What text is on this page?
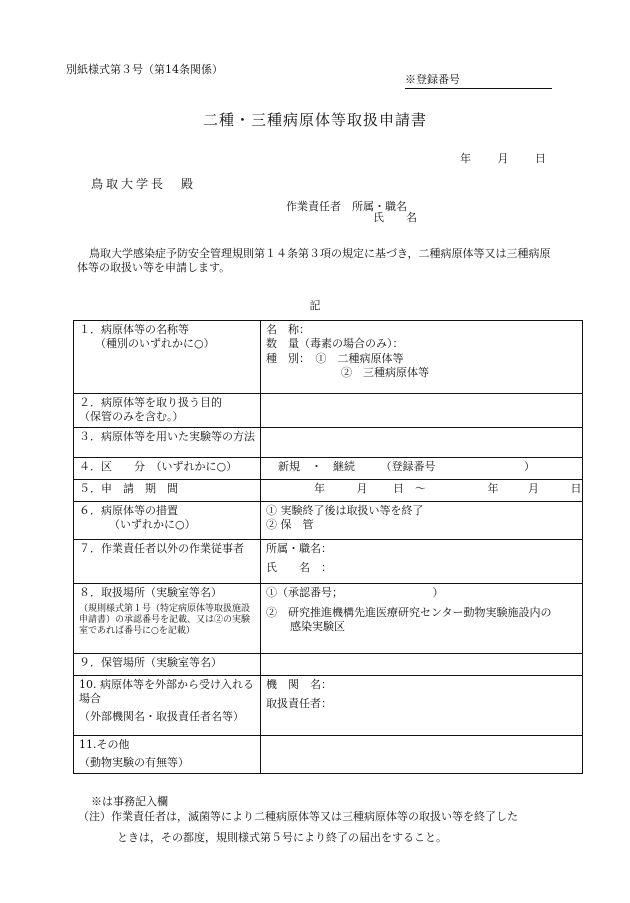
別紙様式第３号（第14条関係）
※登録番号
二種・三種病原体等取扱申請書
年 月 日
鳥取大学長　殿
作業責任者　所属・職名
氏　　名
鳥取大学感染症予防安全管理規則第１４条第３項の規定に基づき，二種病原体等又は三種病原体等の取扱い等を申請します。
記
１．病原体等の名称等

（種別のいずれかに○）	名　称：
数　量（毒素の場合のみ）：
種　別：　①　二種病原体等
②　三種病原体等
２．病原体等を取り扱う目的
（保管のみを含む。）	
３．病原体等を用いた実験等の方法	
４．区　　分　（いずれかに○）	新規　・　継続 （登録番号 ）
５．申　請　期　間	年 月 日　～ 年 月 日
６．病原体等の措置
（いずれかに○）	① 実験終了後は取扱い等を終了
② 保　管
７．作業責任者以外の作業従事者	所属・職名：

氏　　名　：

８．取扱場所（実験室等名）
（規則様式第１号（特定病原体等取扱施設申請書）の承認番号を記載、又は②の実験室であれば番号に○を記載）	①（承認番号； ）

②　研究推進機構先進医療研究センター動物実験施設内の
感染実験区
９．保管場所（実験室等名）	

10. 病原体等を外部から受け入れる場合
（外部機関名・取扱責任者名等）	機　関　名：

取扱責任者：

11.その他

（動物実験の有無等）	

※は事務記入欄
（注）作業責任者は，滅菌等により二種病原体等又は三種病原体等の取扱い等を終了した
ときは，その都度，規則様式第５号により終了の届出をすること。
